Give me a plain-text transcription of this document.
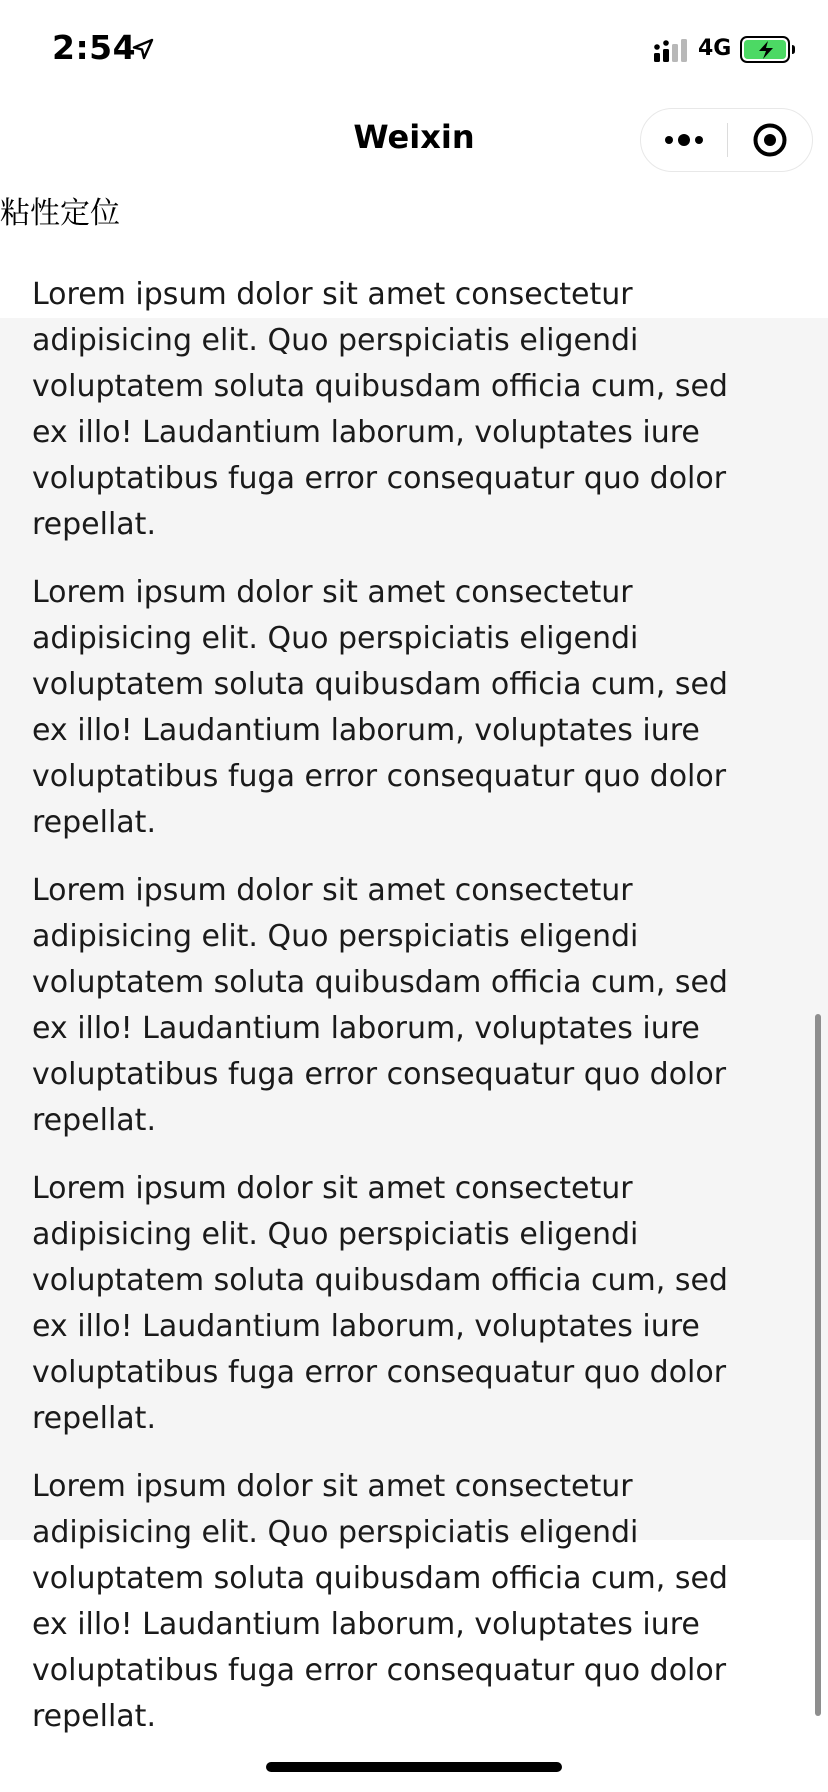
2:54	4G
Weixin
粘性定位

Lorem ipsum dolor sit amet consectetur adipisicing elit. Quo perspiciatis eligendi voluptatem soluta quibusdam officia cum, sed ex illo! Laudantium laborum, voluptates iure voluptatibus fuga error consequatur quo dolor repellat.

Lorem ipsum dolor sit amet consectetur adipisicing elit. Quo perspiciatis eligendi voluptatem soluta quibusdam officia cum, sed ex illo! Laudantium laborum, voluptates iure voluptatibus fuga error consequatur quo dolor repellat.

Lorem ipsum dolor sit amet consectetur adipisicing elit. Quo perspiciatis eligendi voluptatem soluta quibusdam officia cum, sed ex illo! Laudantium laborum, voluptates iure voluptatibus fuga error consequatur quo dolor repellat.

Lorem ipsum dolor sit amet consectetur adipisicing elit. Quo perspiciatis eligendi voluptatem soluta quibusdam officia cum, sed ex illo! Laudantium laborum, voluptates iure voluptatibus fuga error consequatur quo dolor repellat.

Lorem ipsum dolor sit amet consectetur adipisicing elit. Quo perspiciatis eligendi voluptatem soluta quibusdam officia cum, sed ex illo! Laudantium laborum, voluptates iure voluptatibus fuga error consequatur quo dolor repellat.
